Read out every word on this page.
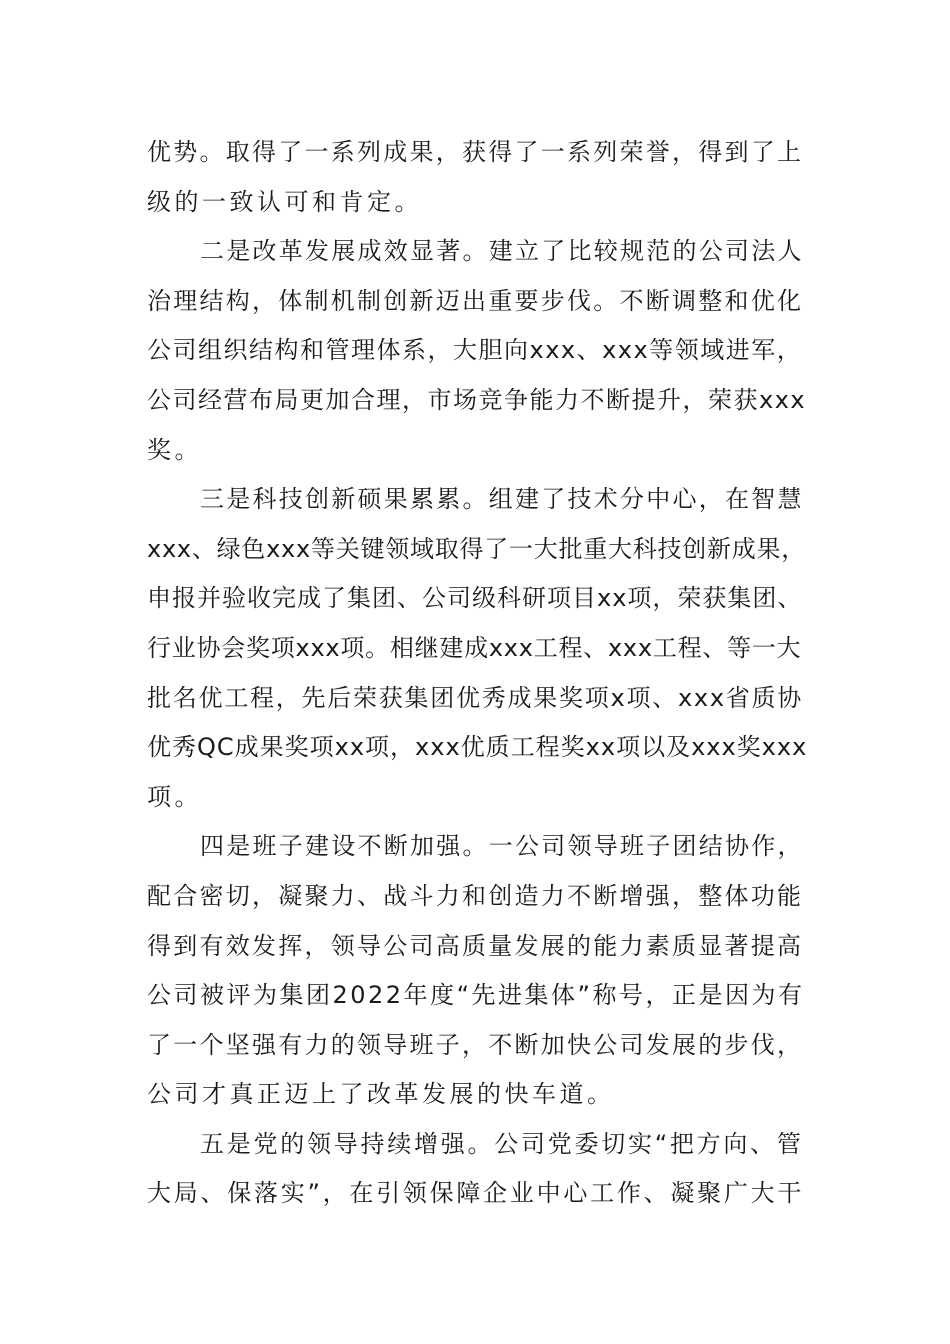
优势。取得了一系列成果，获得了一系列荣誉，得到了上
级的一致认可和肯定。
二是改革发展成效显著。建立了比较规范的公司法人
治理结构，体制机制创新迈出重要步伐。不断调整和优化
公司组织结构和管理体系，大胆向xxx、xxx等领域进军，
公司经营布局更加合理，市场竞争能力不断提升，荣获xxx
奖。
三是科技创新硕果累累。组建了技术分中心，在智慧
xxx、绿色xxx等关键领域取得了一大批重大科技创新成果，
申报并验收完成了集团、公司级科研项目xx项，荣获集团、
行业协会奖项xxx项。相继建成xxx工程、xxx工程、等一大
批名优工程，先后荣获集团优秀成果奖项x项、xxx省质协
优秀QC成果奖项xx项，xxx优质工程奖xx项以及xxx奖xxx
项。
四是班子建设不断加强。一公司领导班子团结协作，
配合密切，凝聚力、战斗力和创造力不断增强，整体功能
得到有效发挥，领导公司高质量发展的能力素质显著提高
公司被评为集团2022年度“先进集体”称号，正是因为有
了一个坚强有力的领导班子，不断加快公司发展的步伐，
公司才真正迈上了改革发展的快车道。
五是党的领导持续增强。公司党委切实“把方向、管
大局、保落实”，在引领保障企业中心工作、凝聚广大干
